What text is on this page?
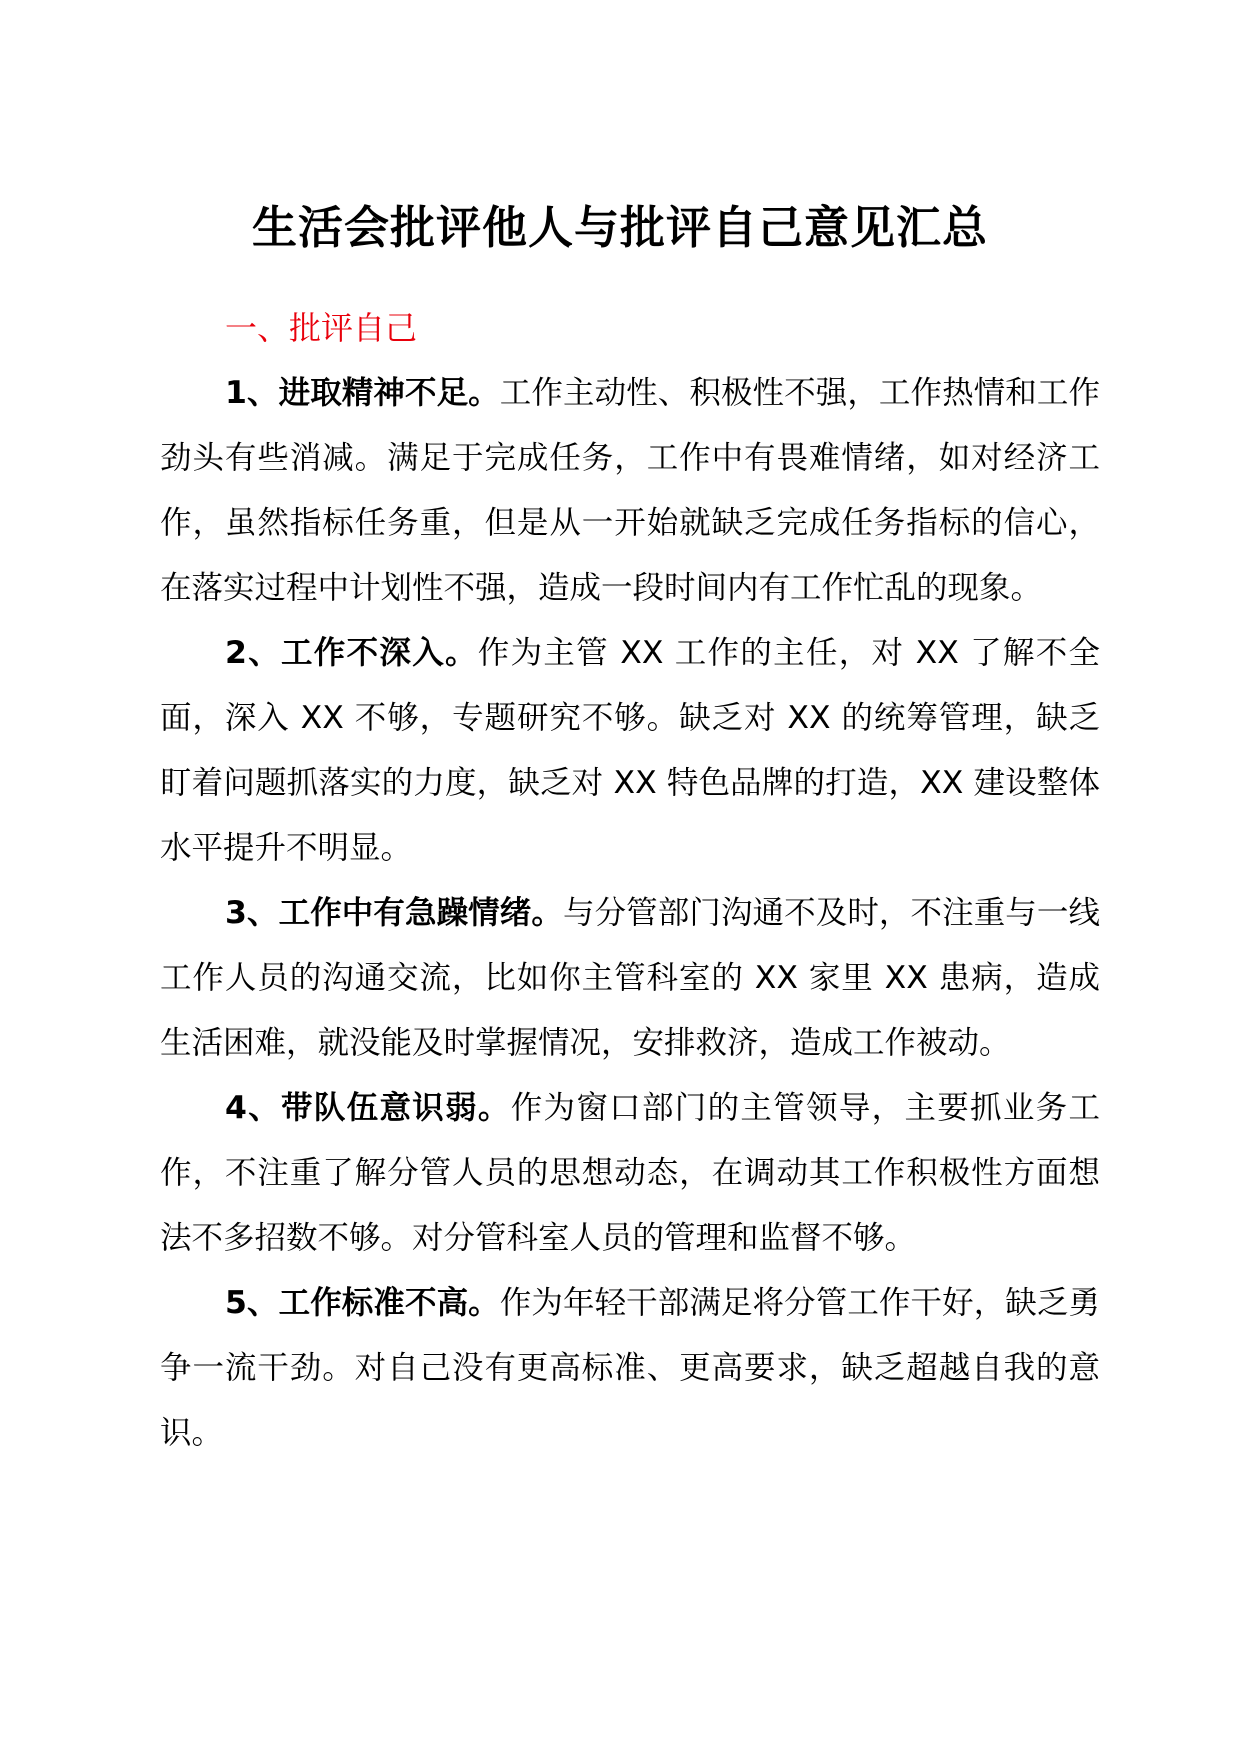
生活会批评他人与批评自己意见汇总
一、批评自己

1、进取精神不足。工作主动性、积极性不强，工作热情和工作劲头有些消减。满足于完成任务，工作中有畏难情绪，如对经济工作，虽然指标任务重，但是从一开始就缺乏完成任务指标的信心，在落实过程中计划性不强，造成一段时间内有工作忙乱的现象。

2、工作不深入。作为主管 XX 工作的主任，对 XX 了解不全面，深入 XX 不够，专题研究不够。缺乏对 XX 的统筹管理，缺乏盯着问题抓落实的力度，缺乏对 XX 特色品牌的打造，XX 建设整体水平提升不明显。

3、工作中有急躁情绪。与分管部门沟通不及时，不注重与一线工作人员的沟通交流，比如你主管科室的 XX 家里 XX 患病，造成生活困难，就没能及时掌握情况，安排救济，造成工作被动。

4、带队伍意识弱。作为窗口部门的主管领导，主要抓业务工作，不注重了解分管人员的思想动态，在调动其工作积极性方面想法不多招数不够。对分管科室人员的管理和监督不够。

5、工作标准不高。作为年轻干部满足将分管工作干好，缺乏勇争一流干劲。对自己没有更高标准、更高要求，缺乏超越自我的意识。
